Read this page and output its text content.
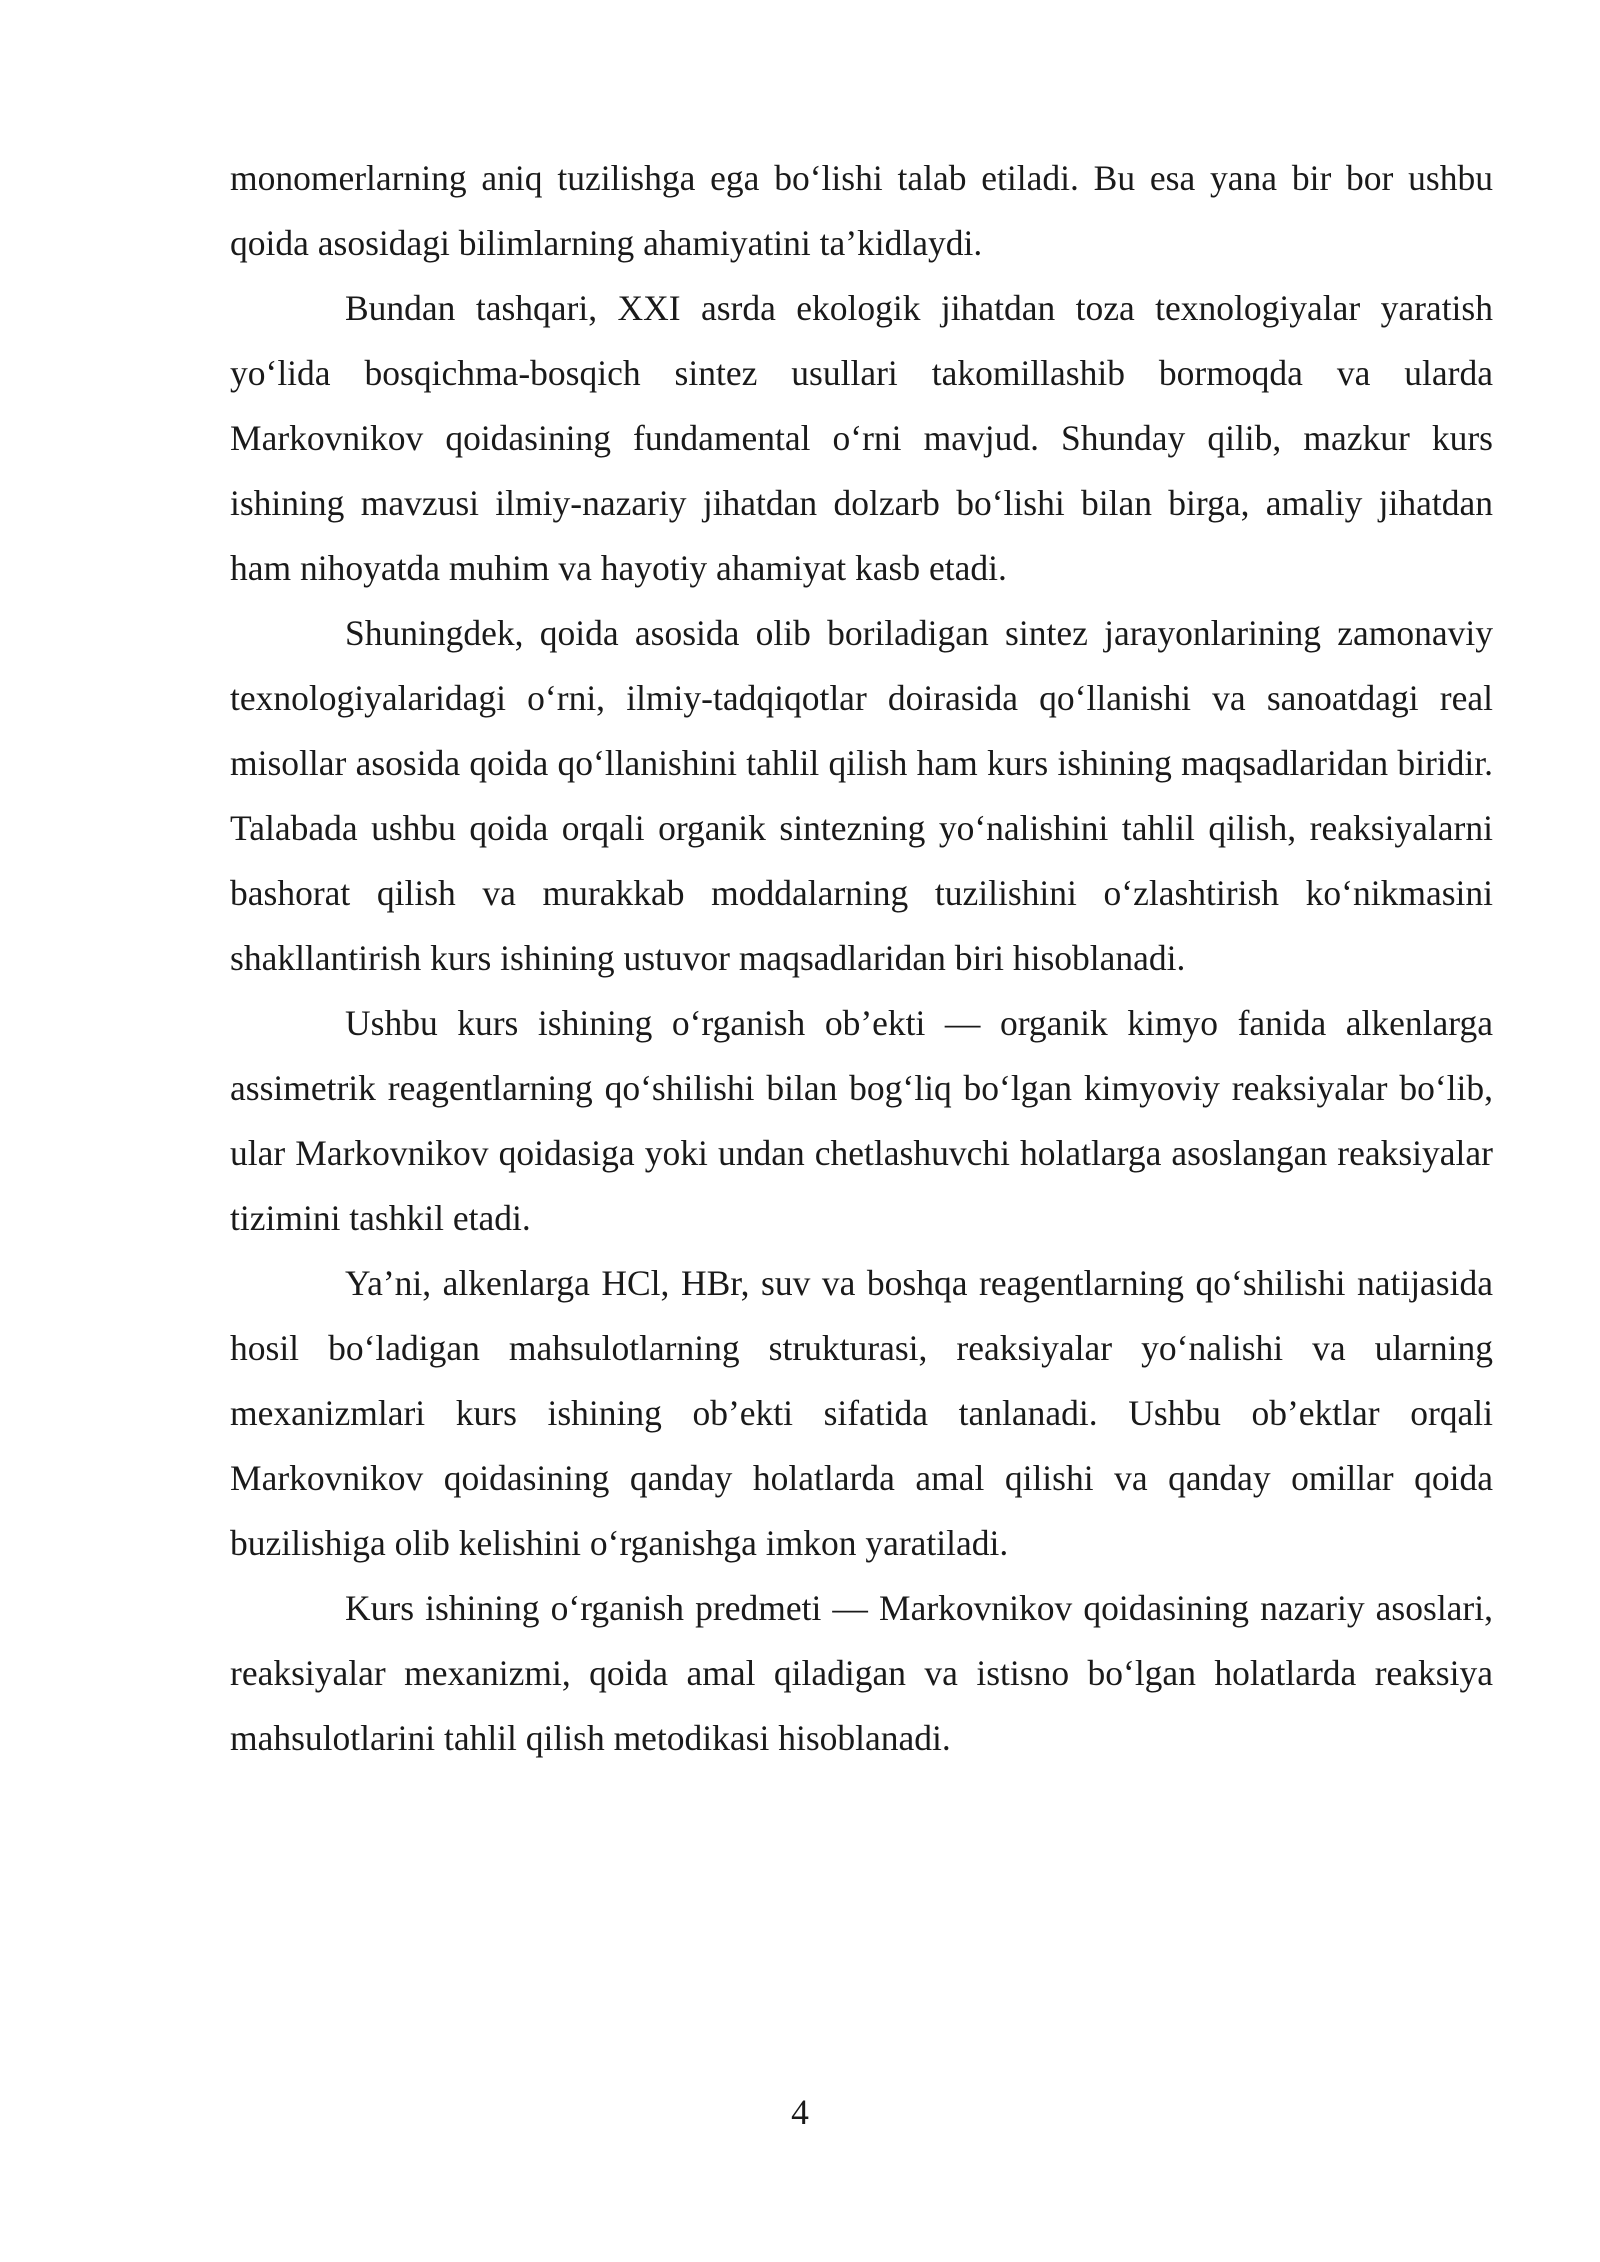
monomerlarning aniq tuzilishga ega bo‘lishi talab etiladi. Bu esa yana bir bor ushbu qoida asosidagi bilimlarning ahamiyatini ta’kidlaydi.

Bundan tashqari, XXI asrda ekologik jihatdan toza texnologiyalar yaratish yo‘lida bosqichma-bosqich sintez usullari takomillashib bormoqda va ularda Markovnikov qoidasining fundamental o‘rni mavjud. Shunday qilib, mazkur kurs ishining mavzusi ilmiy-nazariy jihatdan dolzarb bo‘lishi bilan birga, amaliy jihatdan ham nihoyatda muhim va hayotiy ahamiyat kasb etadi.

Shuningdek, qoida asosida olib boriladigan sintez jarayonlarining zamonaviy texnologiyalaridagi o‘rni, ilmiy-tadqiqotlar doirasida qo‘llanishi va sanoatdagi real misollar asosida qoida qo‘llanishini tahlil qilish ham kurs ishining maqsadlaridan biridir. Talabada ushbu qoida orqali organik sintezning yo‘nalishini tahlil qilish, reaksiyalarni bashorat qilish va murakkab moddalarning tuzilishini o‘zlashtirish ko‘nikmasini shakllantirish kurs ishining ustuvor maqsadlaridan biri hisoblanadi.

Ushbu kurs ishining o‘rganish ob’ekti — organik kimyo fanida alkenlarga assimetrik reagentlarning qo‘shilishi bilan bog‘liq bo‘lgan kimyoviy reaksiyalar bo‘lib, ular Markovnikov qoidasiga yoki undan chetlashuvchi holatlarga asoslangan reaksiyalar tizimini tashkil etadi.

Ya’ni, alkenlarga HCl, HBr, suv va boshqa reagentlarning qo‘shilishi natijasida hosil bo‘ladigan mahsulotlarning strukturasi, reaksiyalar yo‘nalishi va ularning mexanizmlari kurs ishining ob’ekti sifatida tanlanadi. Ushbu ob’ektlar orqali Markovnikov qoidasining qanday holatlarda amal qilishi va qanday omillar qoida buzilishiga olib kelishini o‘rganishga imkon yaratiladi.

Kurs ishining o‘rganish predmeti — Markovnikov qoidasining nazariy asoslari, reaksiyalar mexanizmi, qoida amal qiladigan va istisno bo‘lgan holatlarda reaksiya mahsulotlarini tahlil qilish metodikasi hisoblanadi.

4
